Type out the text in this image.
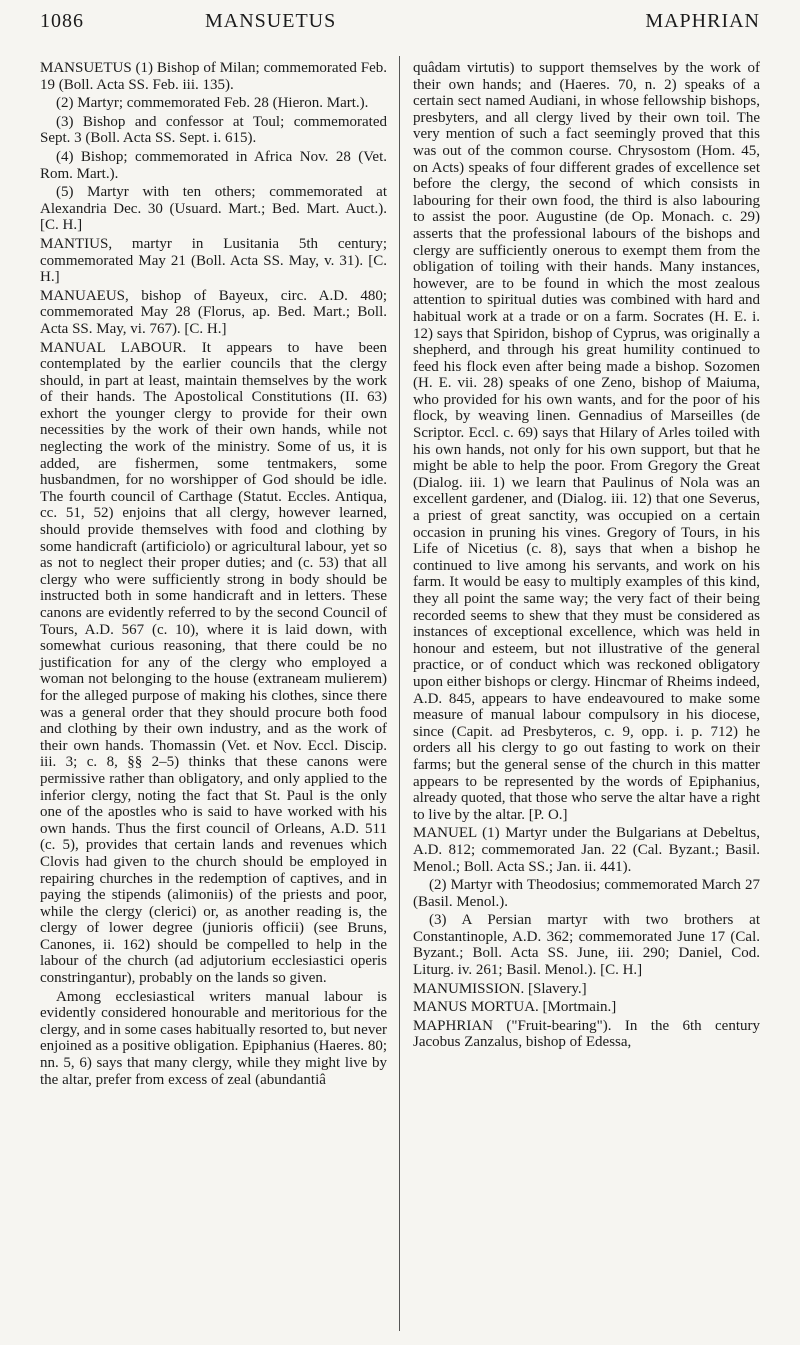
1086	MANSUETUS	MAPHRIAN

MANSUETUS (1) Bishop of Milan; commemorated Feb. 19 (Boll. Acta SS. Feb. iii. 135).

(2) Martyr; commemorated Feb. 28 (Hieron. Mart.).

(3) Bishop and confessor at Toul; commemorated Sept. 3 (Boll. Acta SS. Sept. i. 615).

(4) Bishop; commemorated in Africa Nov. 28 (Vet. Rom. Mart.).

(5) Martyr with ten others; commemorated at Alexandria Dec. 30 (Usuard. Mart.; Bed. Mart. Auct.). [C. H.]

MANTIUS, martyr in Lusitania 5th century; commemorated May 21 (Boll. Acta SS. May, v. 31). [C. H.]

MANUAEUS, bishop of Bayeux, circ. A.D. 480; commemorated May 28 (Florus, ap. Bed. Mart.; Boll. Acta SS. May, vi. 767). [C. H.]

MANUAL LABOUR. It appears to have been contemplated by the earlier councils that the clergy should, in part at least, maintain themselves by the work of their hands. The Apostolical Constitutions (II. 63) exhort the younger clergy to provide for their own necessities by the work of their own hands, while not neglecting the work of the ministry. Some of us, it is added, are fishermen, some tentmakers, some husbandmen, for no worshipper of God should be idle. The fourth council of Carthage (Statut. Eccles. Antiqua, cc. 51, 52) enjoins that all clergy, however learned, should provide themselves with food and clothing by some handicraft (artificiolo) or agricultural labour, yet so as not to neglect their proper duties; and (c. 53) that all clergy who were sufficiently strong in body should be instructed both in some handicraft and in letters. These canons are evidently referred to by the second Council of Tours, A.D. 567 (c. 10), where it is laid down, with somewhat curious reasoning, that there could be no justification for any of the clergy who employed a woman not belonging to the house (extraneam mulierem) for the alleged purpose of making his clothes, since there was a general order that they should procure both food and clothing by their own industry, and as the work of their own hands. Thomassin (Vet. et Nov. Eccl. Discip. iii. 3; c. 8, §§ 2–5) thinks that these canons were permissive rather than obligatory, and only applied to the inferior clergy, noting the fact that St. Paul is the only one of the apostles who is said to have worked with his own hands. Thus the first council of Orleans, A.D. 511 (c. 5), provides that certain lands and revenues which Clovis had given to the church should be employed in repairing churches in the redemption of captives, and in paying the stipends (alimoniis) of the priests and poor, while the clergy (clerici) or, as another reading is, the clergy of lower degree (junioris officii) (see Bruns, Canones, ii. 162) should be compelled to help in the labour of the church (ad adjutorium ecclesiastici operis constringantur), probably on the lands so given.

Among ecclesiastical writers manual labour is evidently considered honourable and meritorious for the clergy, and in some cases habitually resorted to, but never enjoined as a positive obligation. Epiphanius (Haeres. 80; nn. 5, 6) says that many clergy, while they might live by the altar, prefer from excess of zeal (abundantiâ

quâdam virtutis) to support themselves by the work of their own hands; and (Haeres. 70, n. 2) speaks of a certain sect named Audiani, in whose fellowship bishops, presbyters, and all clergy lived by their own toil. The very mention of such a fact seemingly proved that this was out of the common course. Chrysostom (Hom. 45, on Acts) speaks of four different grades of excellence set before the clergy, the second of which consists in labouring for their own food, the third is also labouring to assist the poor. Augustine (de Op. Monach. c. 29) asserts that the professional labours of the bishops and clergy are sufficiently onerous to exempt them from the obligation of toiling with their hands. Many instances, however, are to be found in which the most zealous attention to spiritual duties was combined with hard and habitual work at a trade or on a farm. Socrates (H. E. i. 12) says that Spiridon, bishop of Cyprus, was originally a shepherd, and through his great humility continued to feed his flock even after being made a bishop. Sozomen (H. E. vii. 28) speaks of one Zeno, bishop of Maiuma, who provided for his own wants, and for the poor of his flock, by weaving linen. Gennadius of Marseilles (de Scriptor. Eccl. c. 69) says that Hilary of Arles toiled with his own hands, not only for his own support, but that he might be able to help the poor. From Gregory the Great (Dialog. iii. 1) we learn that Paulinus of Nola was an excellent gardener, and (Dialog. iii. 12) that one Severus, a priest of great sanctity, was occupied on a certain occasion in pruning his vines. Gregory of Tours, in his Life of Nicetius (c. 8), says that when a bishop he continued to live among his servants, and work on his farm. It would be easy to multiply examples of this kind, they all point the same way; the very fact of their being recorded seems to shew that they must be considered as instances of exceptional excellence, which was held in honour and esteem, but not illustrative of the general practice, or of conduct which was reckoned obligatory upon either bishops or clergy. Hincmar of Rheims indeed, A.D. 845, appears to have endeavoured to make some measure of manual labour compulsory in his diocese, since (Capit. ad Presbyteros, c. 9, opp. i. p. 712) he orders all his clergy to go out fasting to work on their farms; but the general sense of the church in this matter appears to be represented by the words of Epiphanius, already quoted, that those who serve the altar have a right to live by the altar. [P. O.]

MANUEL (1) Martyr under the Bulgarians at Debeltus, A.D. 812; commemorated Jan. 22 (Cal. Byzant.; Basil. Menol.; Boll. Acta SS.; Jan. ii. 441).

(2) Martyr with Theodosius; commemorated March 27 (Basil. Menol.).

(3) A Persian martyr with two brothers at Constantinople, A.D. 362; commemorated June 17 (Cal. Byzant.; Boll. Acta SS. June, iii. 290; Daniel, Cod. Liturg. iv. 261; Basil. Menol.). [C. H.]

MANUMISSION. [Slavery.]

MANUS MORTUA. [Mortmain.]

MAPHRIAN ("Fruit-bearing"). In the 6th century Jacobus Zanzalus, bishop of Edessa,
